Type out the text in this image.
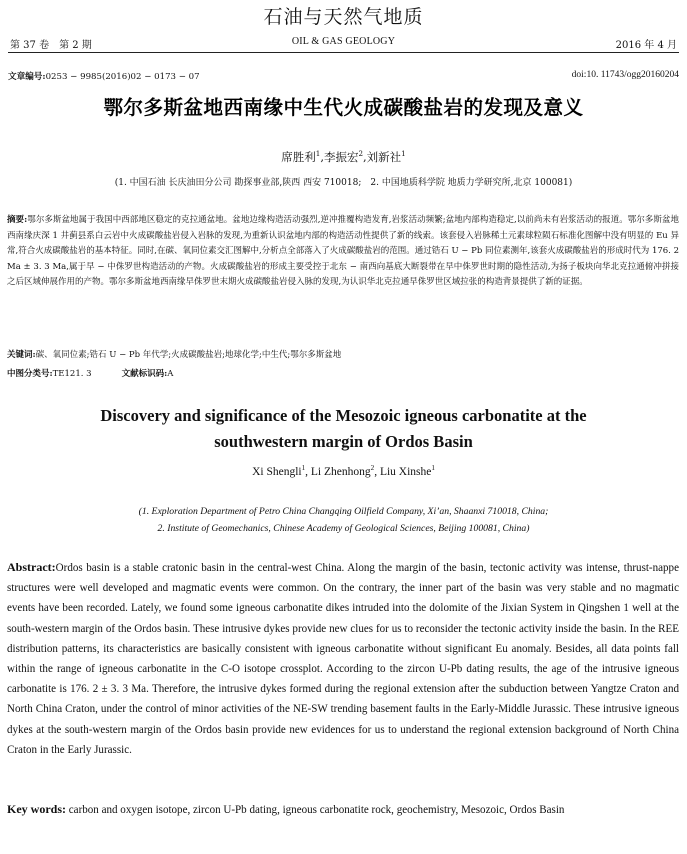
石油与天然气地质
第 37 卷　第 2 期	OIL & GAS GEOLOGY	2016 年 4 月
文章编号:0253 − 9985(2016)02 − 0173 − 07	doi:10. 11743/ogg20160204
鄂尔多斯盆地西南缘中生代火成碳酸盐岩的发现及意义
席胜利$^1$,李振宏$^2$,刘新社$^1$
(1. 中国石油 长庆油田分公司 勘探事业部,陕西 西安 710018;　2. 中国地质科学院 地质力学研究所,北京 100081)
摘要:鄂尔多斯盆地属于我国中西部地区稳定的克拉通盆地。盆地边缘构造活动强烈,逆冲推覆构造发育,岩浆活动频繁;盆地内部构造稳定,以前尚未有岩浆活动的报道。鄂尔多斯盆地西南缘庆深 1 井蓟县系白云岩中火成碳酸盐岩侵入岩脉的发现,为重新认识盆地内部的构造活动性提供了新的线索。该套侵入岩脉稀土元素球粒陨石标准化图解中没有明显的 Eu 异常,符合火成碳酸盐岩的基本特征。同时,在碳、氧同位素交汇图解中,分析点全部落入了火成碳酸盐岩的范围。通过锆石 U − Pb 同位素测年,该套火成碳酸盐岩的形成时代为 176. 2 Ma ± 3. 3 Ma,属于早 − 中侏罗世构造活动的产物。火成碳酸盐岩的形成主要受控于北东 − 南西向基底大断裂带在早中侏罗世时期的隐性活动,为扬子板块向华北克拉通俯冲拼接之后区域伸展作用的产物。鄂尔多斯盆地西南缘早侏罗世末期火成碳酸盐岩侵入脉的发现,为认识华北克拉通早侏罗世区域拉张的构造背景提供了新的证据。
关键词:碳、氧同位素;锆石 U − Pb 年代学;火成碳酸盐岩;地球化学;中生代;鄂尔多斯盆地
中图分类号:TE121. 3	文献标识码:A
Discovery and significance of the Mesozoic igneous carbonatite at the
southwestern margin of Ordos Basin
Xi Shengli$^1$, Li Zhenhong$^2$, Liu Xinshe$^1$
(1. Exploration Department of Petro China Changqing Oilfield Company, Xi’an, Shaanxi 710018, China;
2. Institute of Geomechanics, Chinese Academy of Geological Sciences, Beijing 100081, China)
Abstract:Ordos basin is a stable cratonic basin in the central-west China. Along the margin of the basin, tectonic activity was intense, thrust-nappe structures were well developed and magmatic events were common. On the contrary, the inner part of the basin was very stable and no magmatic events have been recorded. Lately, we found some igneous carbonatite dikes intruded into the dolomite of the Jixian System in Qingshen 1 well at the south-western margin of the Ordos basin. These intrusive dykes provide new clues for us to reconsider the tectonic activity inside the basin. In the REE distribution patterns, its characteristics are basically consistent with igneous carbonatite without significant Eu anomaly. Besides, all data points fall within the range of igneous carbonatite in the C-O isotope crossplot. According to the zircon U-Pb dating results, the age of the intrusive igneous carbonatite is 176. 2 ± 3. 3 Ma. Therefore, the intrusive dykes formed during the regional extension after the subduction between Yangtze Craton and North China Craton, under the control of minor activities of the NE-SW trending basement faults in the Early-Middle Jurassic. These intrusive igneous dykes at the south-western margin of the Ordos basin provide new evidences for us to understand the regional extension background of North China Craton in the Early Jurassic.
Key words: carbon and oxygen isotope, zircon U-Pb dating, igneous carbonatite rock, geochemistry, Mesozoic, Ordos Basin
